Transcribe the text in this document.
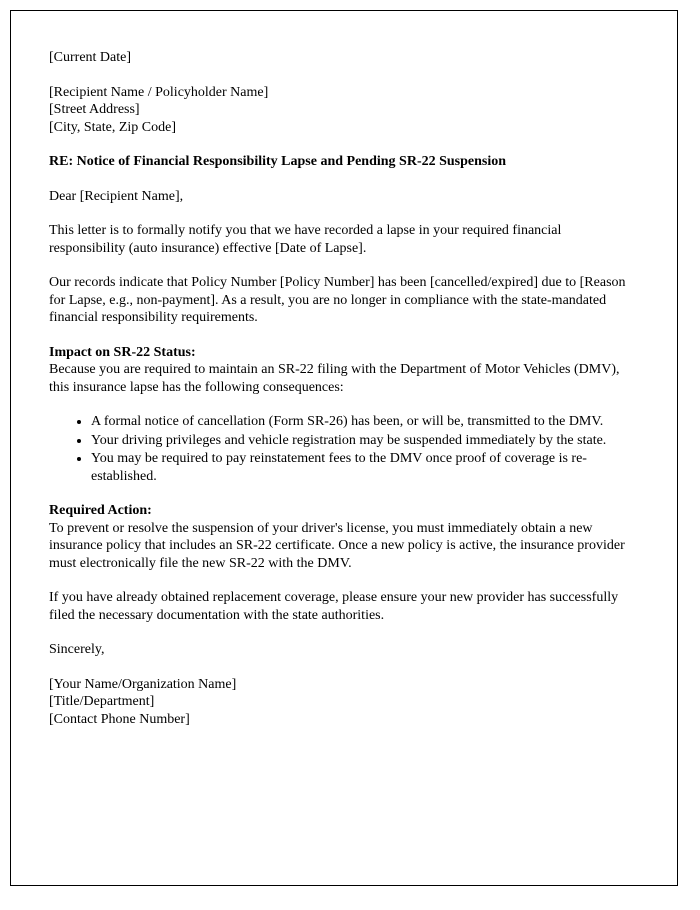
[Current Date]
[Recipient Name / Policyholder Name]
[Street Address]
[City, State, Zip Code]
RE: Notice of Financial Responsibility Lapse and Pending SR-22 Suspension

Dear [Recipient Name],

This letter is to formally notify you that we have recorded a lapse in your required financial responsibility (auto insurance) effective [Date of Lapse].

Our records indicate that Policy Number [Policy Number] has been [cancelled/expired] due to [Reason for Lapse, e.g., non-payment]. As a result, you are no longer in compliance with the state-mandated financial responsibility requirements.

Impact on SR-22 Status:

Because you are required to maintain an SR-22 filing with the Department of Motor Vehicles (DMV), this insurance lapse has the following consequences:

• A formal notice of cancellation (Form SR-26) has been, or will be, transmitted to the DMV.
• Your driving privileges and vehicle registration may be suspended immediately by the state.
• You may be required to pay reinstatement fees to the DMV once proof of coverage is re-established.
Required Action:

To prevent or resolve the suspension of your driver's license, you must immediately obtain a new insurance policy that includes an SR-22 certificate. Once a new policy is active, the insurance provider must electronically file the new SR-22 with the DMV.

If you have already obtained replacement coverage, please ensure your new provider has successfully filed the necessary documentation with the state authorities.

Sincerely,

[Your Name/Organization Name]
[Title/Department]
[Contact Phone Number]
